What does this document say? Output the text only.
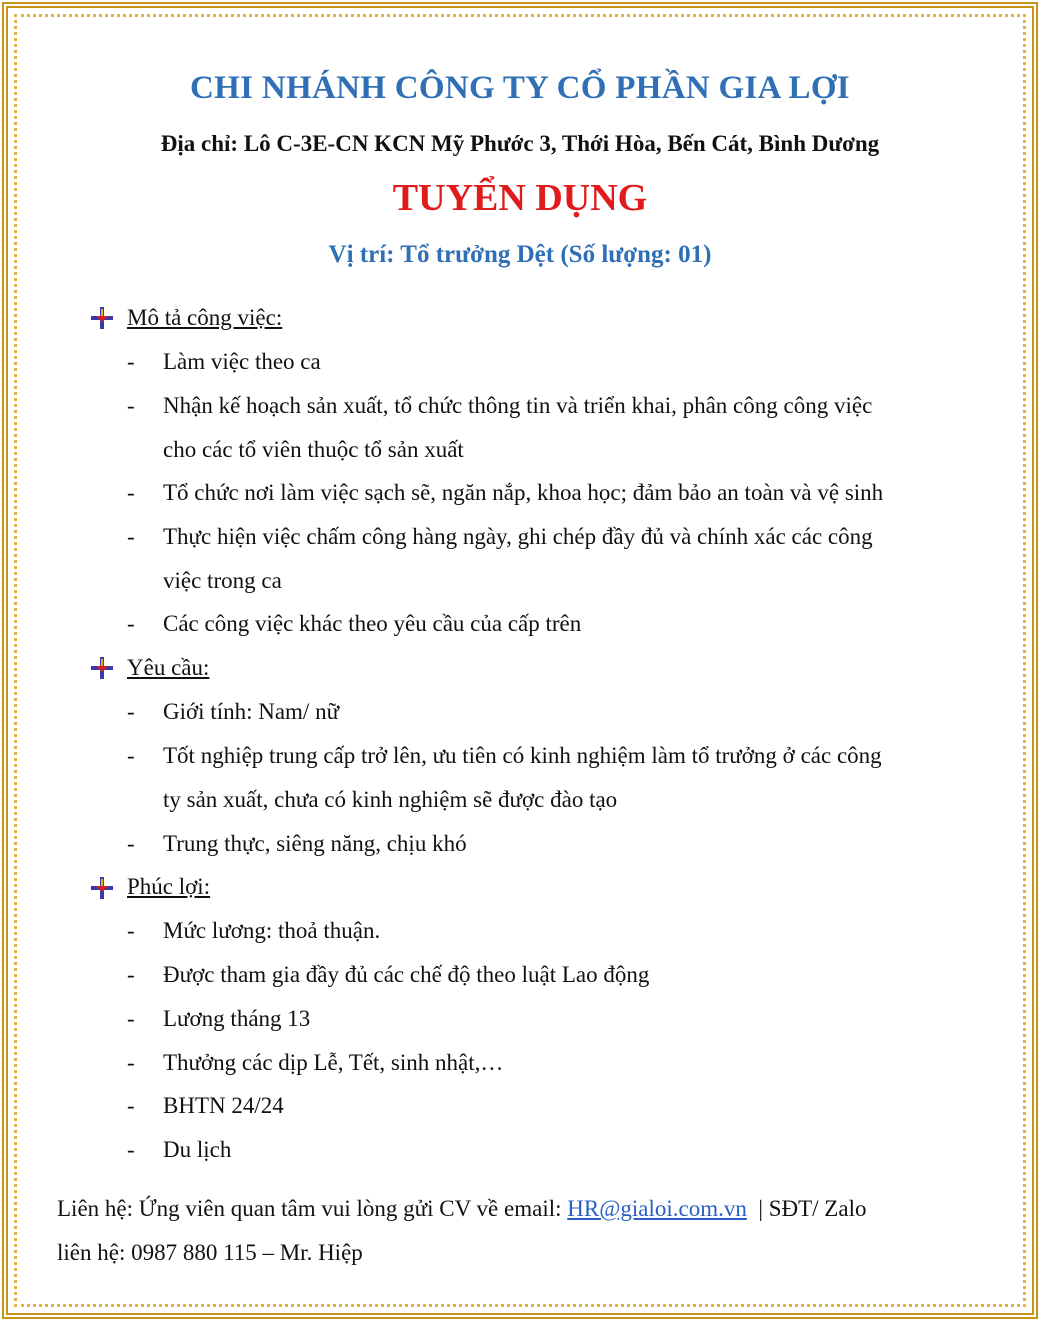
CHI NHÁNH CÔNG TY CỔ PHẦN GIA LỢI
Địa chỉ: Lô C-3E-CN KCN Mỹ Phước 3, Thới Hòa, Bến Cát, Bình Dương
TUYỂN DỤNG
Vị trí: Tổ trưởng Dệt (Số lượng: 01)
Mô tả công việc:
- Làm việc theo ca
- Nhận kế hoạch sản xuất, tổ chức thông tin và triển khai, phân công công việc
cho các tổ viên thuộc tổ sản xuất
- Tổ chức nơi làm việc sạch sẽ, ngăn nắp, khoa học; đảm bảo an toàn và vệ sinh
- Thực hiện việc chấm công hàng ngày, ghi chép đầy đủ và chính xác các công
việc trong ca
- Các công việc khác theo yêu cầu của cấp trên
Yêu cầu:
- Giới tính: Nam/ nữ
- Tốt nghiệp trung cấp trở lên, ưu tiên có kinh nghiệm làm tổ trưởng ở các công
ty sản xuất, chưa có kinh nghiệm sẽ được đào tạo
- Trung thực, siêng năng, chịu khó
Phúc lợi:
- Mức lương: thoả thuận.
- Được tham gia đầy đủ các chế độ theo luật Lao động
- Lương tháng 13
- Thưởng các dịp Lễ, Tết, sinh nhật,…
- BHTN 24/24
- Du lịch
Liên hệ: Ứng viên quan tâm vui lòng gửi CV về email: HR@gialoi.com.vn  | SĐT/ Zalo
liên hệ: 0987 880 115 – Mr. Hiệp
